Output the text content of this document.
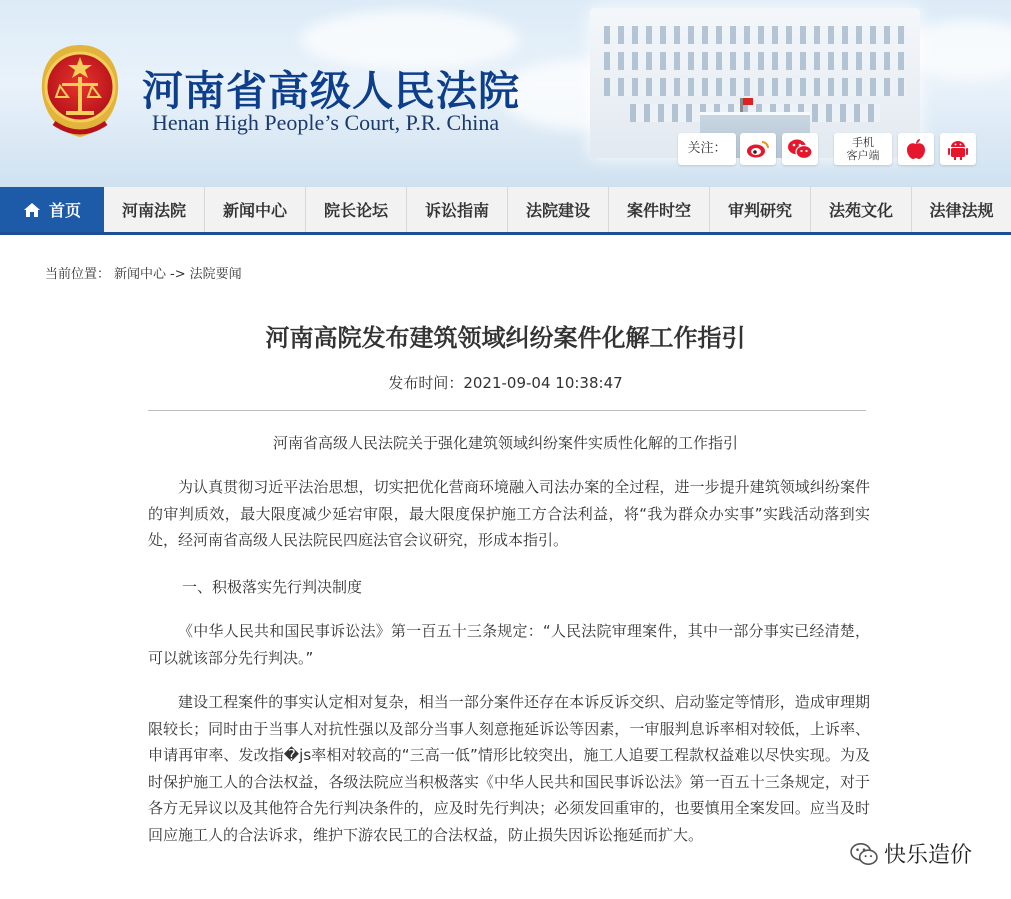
河南省高级人民法院
Henan High People’s Court, P.R. China
关注：	手机
客户端
首页	河南法院	新闻中心	院长论坛	诉讼指南	法院建设	案件时空	审判研究	法苑文化	法律法规
当前位置： 新闻中心 -> 法院要闻
河南高院发布建筑领域纠纷案件化解工作指引
发布时间：2021-09-04 10:38:47
河南省高级人民法院关于强化建筑领域纠纷案件实质性化解的工作指引

为认真贯彻习近平法治思想，切实把优化营商环境融入司法办案的全过程，进一步提升建筑领域纠纷案件的审判质效，最大限度减少延宕审限，最大限度保护施工方合法利益，将“我为群众办实事”实践活动落到实处，经河南省高级人民法院民四庭法官会议研究，形成本指引。

一、积极落实先行判决制度

《中华人民共和国民事诉讼法》第一百五十三条规定：“人民法院审理案件，其中一部分事实已经清楚，可以就该部分先行判决。”

建设工程案件的事实认定相对复杂，相当一部分案件还存在本诉反诉交织、启动鉴定等情形，造成审理期限较长；同时由于当事人对抗性强以及部分当事人刻意拖延诉讼等因素，一审服判息诉率相对较低，上诉率、申请再审率、发改指�js率相对较高的“三高一低”情形比较突出，施工人追要工程款权益难以尽快实现。为及时保护施工人的合法权益，各级法院应当积极落实《中华人民共和国民事诉讼法》第一百五十三条规定，对于各方无异议以及其他符合先行判决条件的，应及时先行判决；必须发回重审的，也要慎用全案发回。应当及时回应施工人的合法诉求，维护下游农民工的合法权益，防止损失因诉讼拖延而扩大。

快乐造价
